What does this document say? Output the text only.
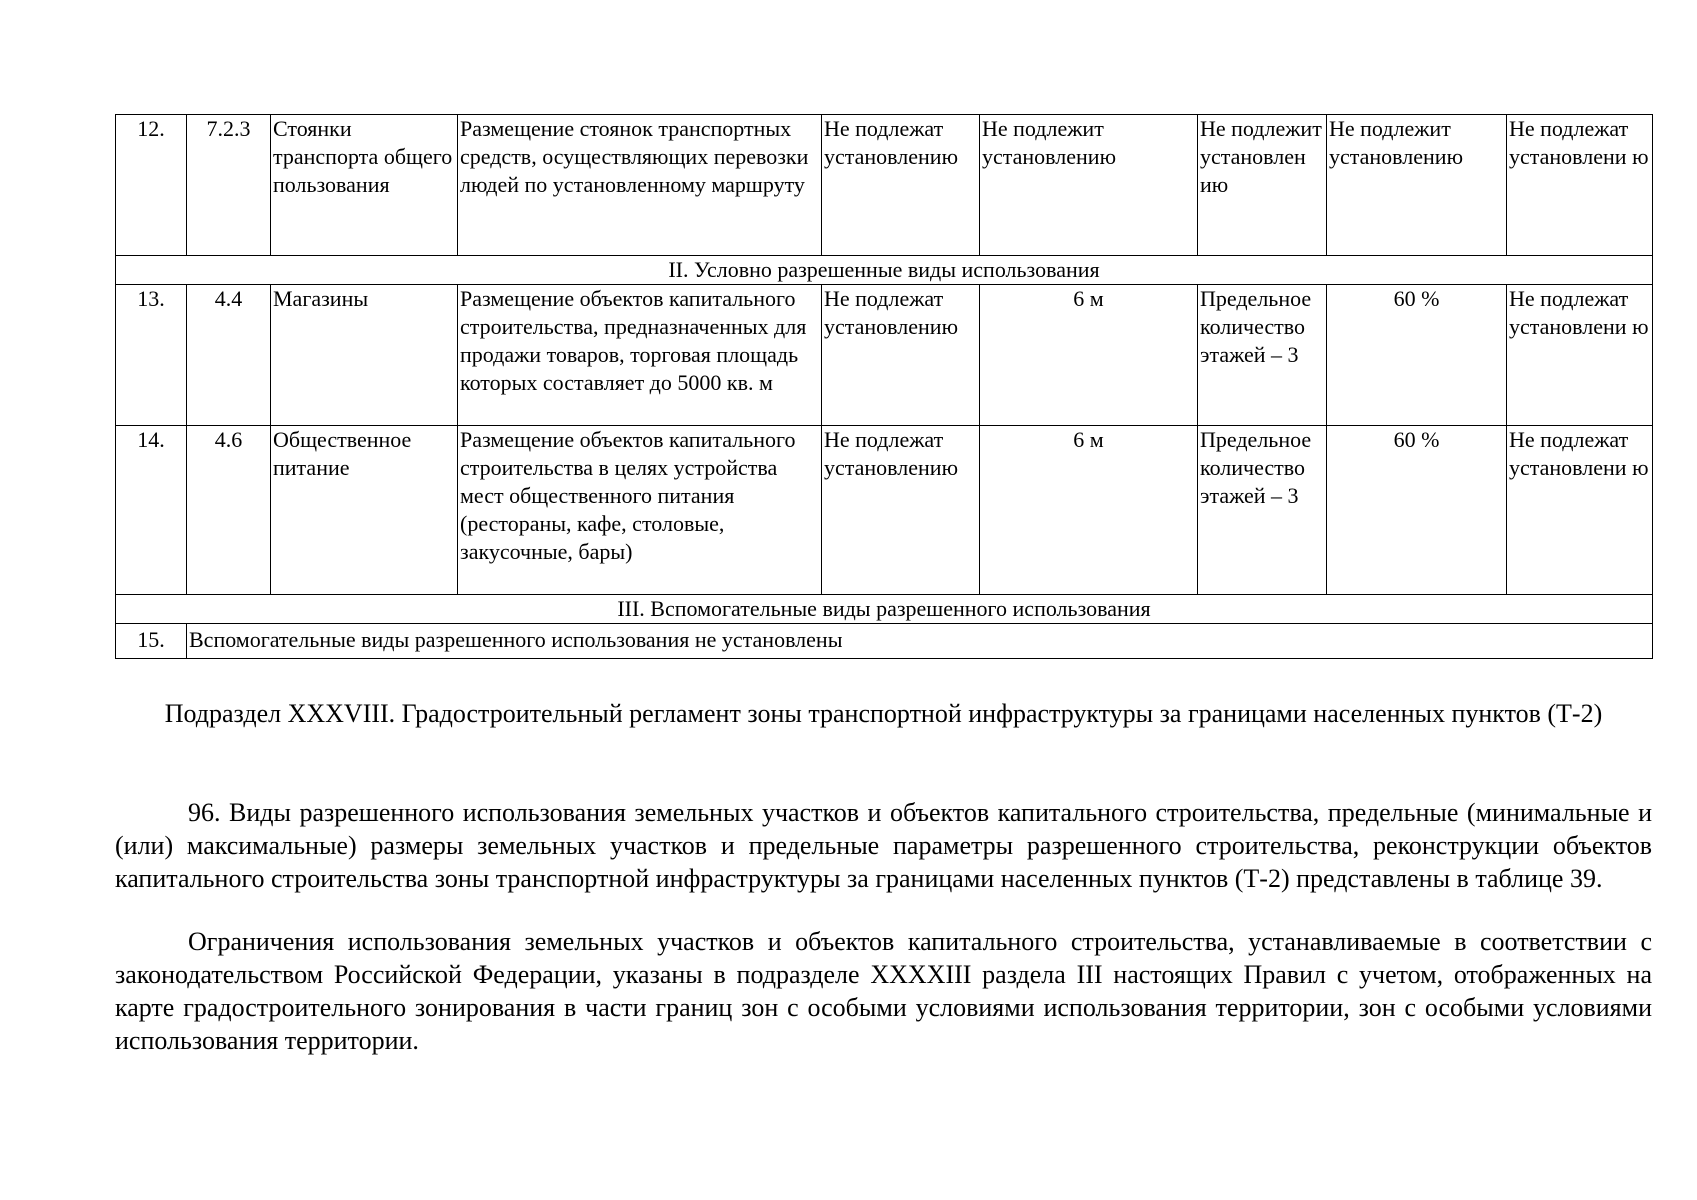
12.	7.2.3	Стоянки транспорта общего пользования	Размещение стоянок транспортных средств, осуществляющих перевозки людей по установленному маршруту	Не подлежат установлению	Не подлежит установлению	Не подлежит установлен ию	Не подлежит установлению	Не подлежат установлени ю
II. Условно разрешенные виды использования								
13.	4.4	Магазины	Размещение объектов капитального строительства, предназначенных для продажи товаров, торговая площадь которых составляет до 5000 кв. м	Не подлежат установлению	6 м	Предельное количество этажей – 3	60 %	Не подлежат установлени ю
14.	4.6	Общественное питание	Размещение объектов капитального строительства в целях устройства мест общественного питания (рестораны, кафе, столовые, закусочные, бары)	Не подлежат установлению	6 м	Предельное количество этажей – 3	60 %	Не подлежат установлени ю
III. Вспомогательные виды разрешенного использования								
15.	Вспомогательные виды разрешенного использования не установлены							
Подраздел XXXVIII. Градостроительный регламент зоны транспортной инфраструктуры за границами населенных пунктов (Т-2)

96. Виды разрешенного использования земельных участков и объектов капитального строительства, предельные (минимальные и (или) максимальные) размеры земельных участков и предельные параметры разрешенного строительства, реконструкции объектов капитального строительства зоны транспортной инфраструктуры за границами населенных пунктов (Т-2) представлены в таблице 39.

Ограничения использования земельных участков и объектов капитального строительства, устанавливаемые в соответствии с законодательством Российской Федерации, указаны в подразделе XXXXIII раздела III настоящих Правил с учетом, отображенных на карте градостроительного зонирования в части границ зон с особыми условиями использования территории, зон с особыми условиями использования территории.
